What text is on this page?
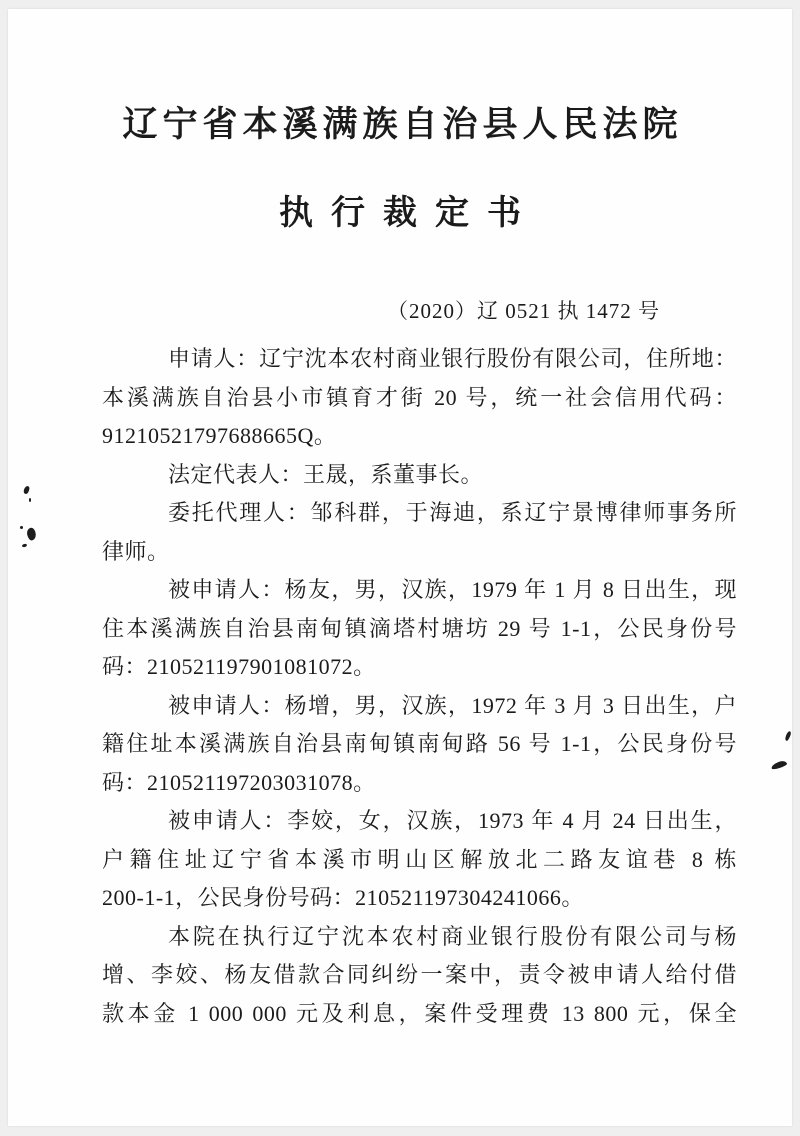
辽宁省本溪满族自治县人民法院
执行裁定书
（2020）辽 0521 执 1472 号
申请人：辽宁沈本农村商业银行股份有限公司，住所地：
本溪满族自治县小市镇育才街 20 号，统一社会信用代码：
91210521797688665Q。
法定代表人：王晟，系董事长。
委托代理人：邹科群，于海迪，系辽宁景博律师事务所
律师。
被申请人：杨友，男，汉族，1979 年 1 月 8 日出生，现
住本溪满族自治县南甸镇滴塔村塘坊 29 号 1-1，公民身份号
码：210521197901081072。
被申请人：杨增，男，汉族，1972 年 3 月 3 日出生，户
籍住址本溪满族自治县南甸镇南甸路 56 号 1-1，公民身份号
码：210521197203031078。
被申请人：李姣，女，汉族，1973 年 4 月 24 日出生，
户籍住址辽宁省本溪市明山区解放北二路友谊巷 8 栋
200-1-1，公民身份号码：210521197304241066。
本院在执行辽宁沈本农村商业银行股份有限公司与杨
增、李姣、杨友借款合同纠纷一案中，责令被申请人给付借
款本金 1 000 000 元及利息，案件受理费 13 800 元，保全
